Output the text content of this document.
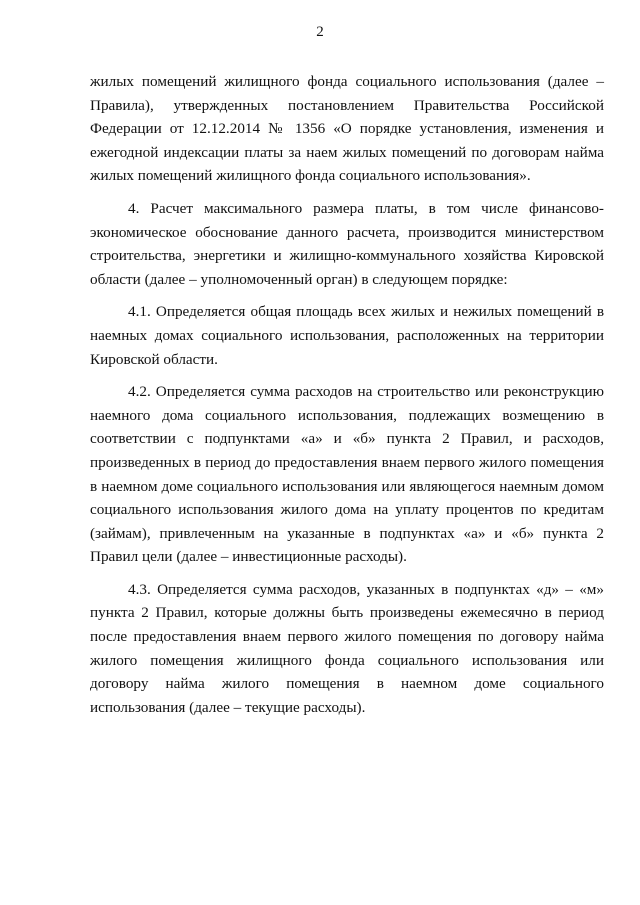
2

жилых помещений жилищного фонда социального использования (далее – Правила), утвержденных постановлением Правительства Российской Федерации от 12.12.2014 № 1356 «О порядке установления, изменения и ежегодной индексации платы за наем жилых помещений по договорам найма жилых помещений жилищного фонда социального использования».

4. Расчет максимального размера платы, в том числе финансово-экономическое обоснование данного расчета, производится министерством строительства, энергетики и жилищно-коммунального хозяйства Кировской области (далее – уполномоченный орган) в следующем порядке:

4.1. Определяется общая площадь всех жилых и нежилых помещений в наемных домах социального использования, расположенных на территории Кировской области.

4.2. Определяется сумма расходов на строительство или реконструкцию наемного дома социального использования, подлежащих возмещению в соответствии с подпунктами «а» и «б» пункта 2 Правил, и расходов, произведенных в период до предоставления внаем первого жилого помещения в наемном доме социального использования или являющегося наемным домом социального использования жилого дома на уплату процентов по кредитам (займам), привлеченным на указанные в подпунктах «а» и «б» пункта 2 Правил цели (далее – инвестиционные расходы).

4.3. Определяется сумма расходов, указанных в подпунктах «д» – «м» пункта 2 Правил, которые должны быть произведены ежемесячно в период после предоставления внаем первого жилого помещения по договору найма жилого помещения жилищного фонда социального использования или договору найма жилого помещения в наемном доме социального использования (далее – текущие расходы).
